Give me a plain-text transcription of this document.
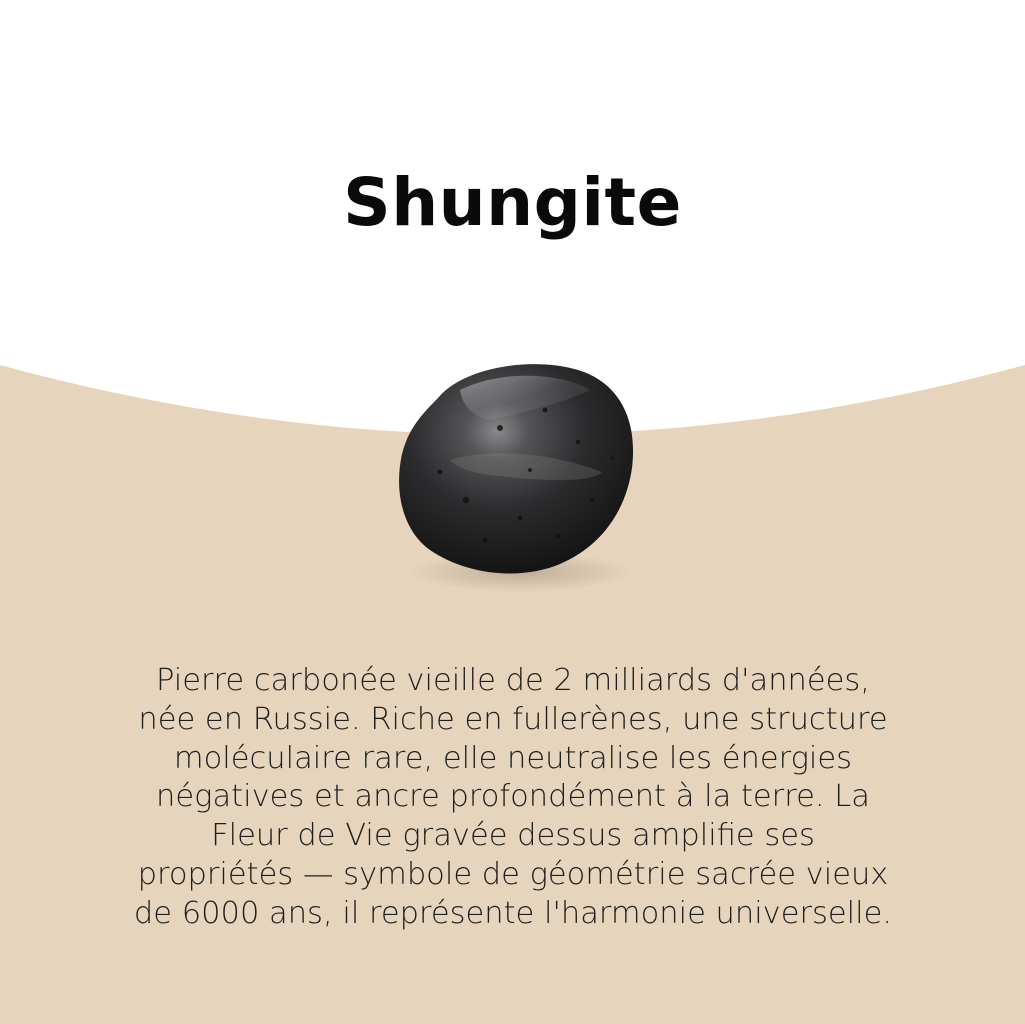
Shungite
Pierre carbonée vieille de 2 milliards d'années,
née en Russie. Riche en fullerènes, une structure
moléculaire rare, elle neutralise les énergies
négatives et ancre profondément à la terre. La
Fleur de Vie gravée dessus amplifie ses
propriétés — symbole de géométrie sacrée vieux
de 6000 ans, il représente l'harmonie universelle.
